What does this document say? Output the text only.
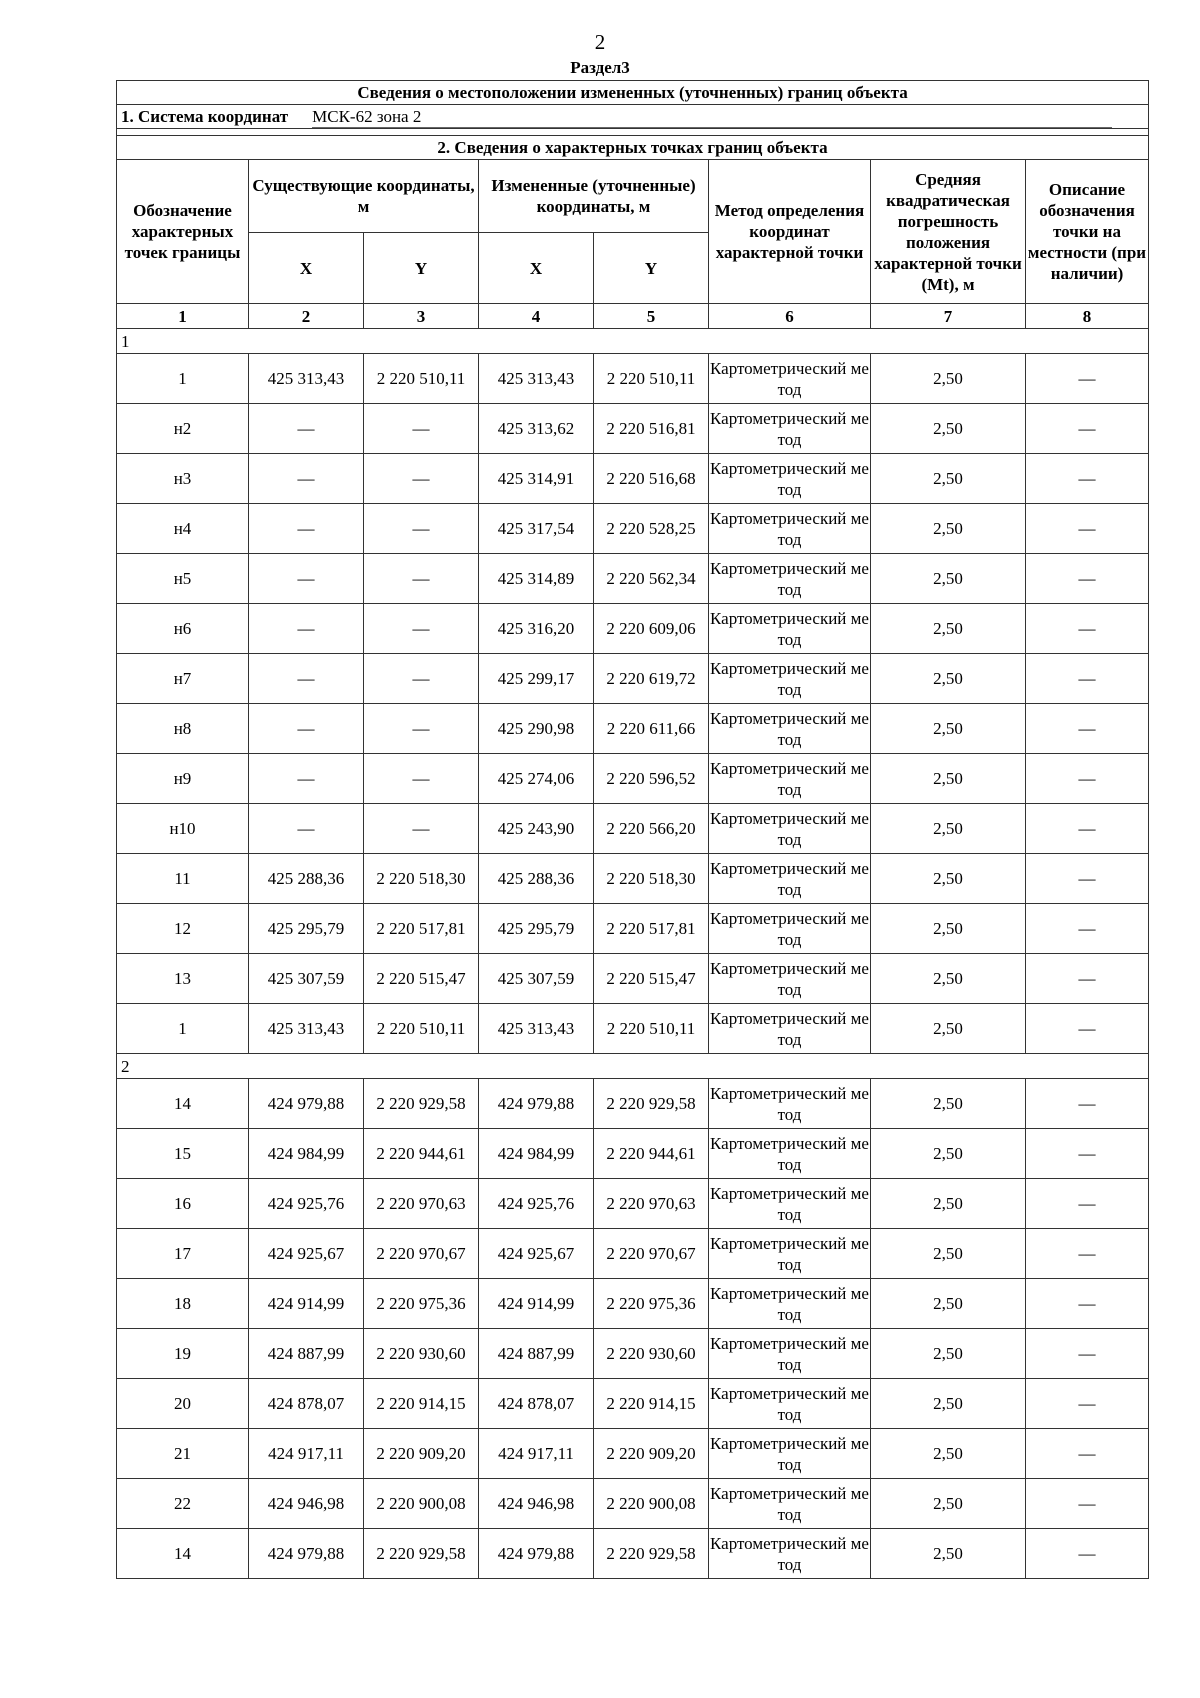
2
Раздел3
Сведения о местоположении измененных (уточненных) границ объекта							
1. Система координат МСК-62 зона 2							

2. Сведения о характерных точках границ объекта							
Обозначение характерных точек границы	Существующие координаты, м		Измененные (уточненные) координаты, м		Метод определения координат характерной точки	Средняя квадратическая погрешность положения характерной точки (Mt), м	Описание обозначения точки на местности (при наличии)
	X	Y	X	Y			
1	2	3	4	5	6	7	8
1							
1	425 313,43	2 220 510,11	425 313,43	2 220 510,11	Картометрический метод	2,50	—
н2	—	—	425 313,62	2 220 516,81	Картометрический метод	2,50	—
н3	—	—	425 314,91	2 220 516,68	Картометрический метод	2,50	—
н4	—	—	425 317,54	2 220 528,25	Картометрический метод	2,50	—
н5	—	—	425 314,89	2 220 562,34	Картометрический метод	2,50	—
н6	—	—	425 316,20	2 220 609,06	Картометрический метод	2,50	—
н7	—	—	425 299,17	2 220 619,72	Картометрический метод	2,50	—
н8	—	—	425 290,98	2 220 611,66	Картометрический метод	2,50	—
н9	—	—	425 274,06	2 220 596,52	Картометрический метод	2,50	—
н10	—	—	425 243,90	2 220 566,20	Картометрический метод	2,50	—
11	425 288,36	2 220 518,30	425 288,36	2 220 518,30	Картометрический метод	2,50	—
12	425 295,79	2 220 517,81	425 295,79	2 220 517,81	Картометрический метод	2,50	—
13	425 307,59	2 220 515,47	425 307,59	2 220 515,47	Картометрический метод	2,50	—
1	425 313,43	2 220 510,11	425 313,43	2 220 510,11	Картометрический метод	2,50	—
2							
14	424 979,88	2 220 929,58	424 979,88	2 220 929,58	Картометрический метод	2,50	—
15	424 984,99	2 220 944,61	424 984,99	2 220 944,61	Картометрический метод	2,50	—
16	424 925,76	2 220 970,63	424 925,76	2 220 970,63	Картометрический метод	2,50	—
17	424 925,67	2 220 970,67	424 925,67	2 220 970,67	Картометрический метод	2,50	—
18	424 914,99	2 220 975,36	424 914,99	2 220 975,36	Картометрический метод	2,50	—
19	424 887,99	2 220 930,60	424 887,99	2 220 930,60	Картометрический метод	2,50	—
20	424 878,07	2 220 914,15	424 878,07	2 220 914,15	Картометрический метод	2,50	—
21	424 917,11	2 220 909,20	424 917,11	2 220 909,20	Картометрический метод	2,50	—
22	424 946,98	2 220 900,08	424 946,98	2 220 900,08	Картометрический метод	2,50	—
14	424 979,88	2 220 929,58	424 979,88	2 220 929,58	Картометрический метод	2,50	—
